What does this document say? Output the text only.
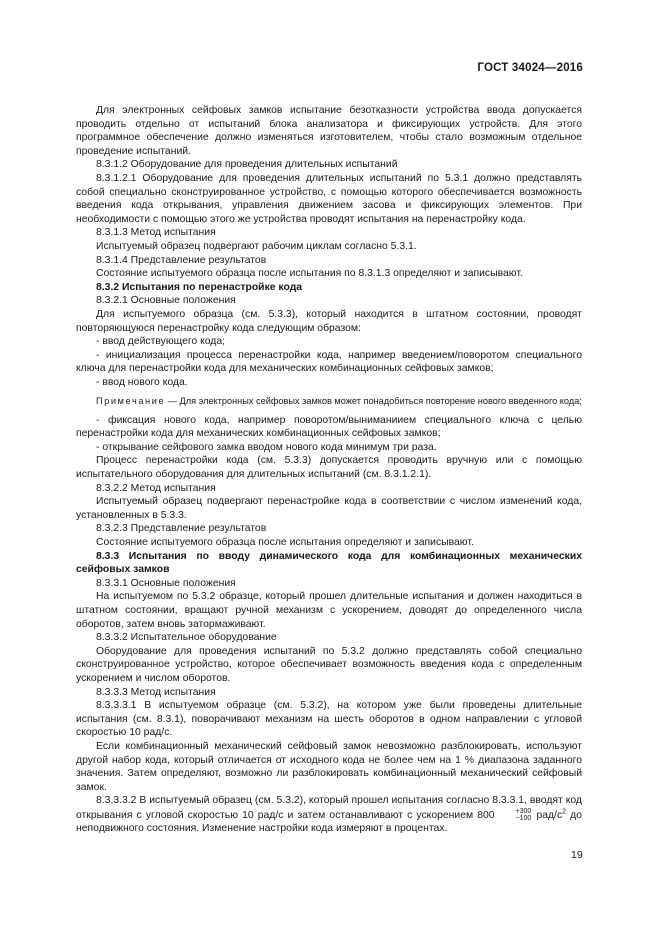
ГОСТ 34024—2016

Для электронных сейфовых замков испытание безотказности устройства ввода допускается проводить отдельно от испытаний блока анализатора и фиксирующих устройств. Для этого программное обеспечение должно изменяться изготовителем, чтобы стало возможным отдельное проведение испытаний.

8.3.1.2 Оборудование для проведения длительных испытаний

8.3.1.2.1 Оборудование для проведения длительных испытаний по 5.3.1 должно представлять собой специально сконструированное устройство, с помощью которого обеспечивается возможность введения кода открывания, управления движением засова и фиксирующих элементов. При необходимости с помощью этого же устройства проводят испытания на перенастройку кода.

8.3.1.3 Метод испытания

Испытуемый образец подвергают рабочим циклам согласно 5.3.1.

8.3.1.4 Представление результатов

Состояние испытуемого образца после испытания по 8.3.1.3 определяют и записывают.

8.3.2 Испытания по перенастройке кода

8.3.2.1 Основные положения

Для испытуемого образца (см. 5.3.3), который находится в штатном состоянии, проводят повторяющуюся перенастройку кода следующим образом:

- ввод действующего кода;

- инициализация процесса перенастройки кода, например введением/поворотом специального ключа для перенастройки кода для механических комбинационных сейфовых замков;

- ввод нового кода.

Примечание — Для электронных сейфовых замков может понадобиться повторение нового введенного кода;

- фиксация нового кода, например поворотом/выниманиием специального ключа с целью перенастройки кода для механических комбинационных сейфовых замков;

- открывание сейфового замка вводом нового кода минимум три раза.

Процесс перенастройки кода (см. 5.3.3) допускается проводить вручную или с помощью испытательного оборудования для длительных испытаний (см. 8.3.1.2.1).

8.3.2.2 Метод испытания

Испытуемый образец подвергают перенастройке кода в соответствии с числом изменений кода, установленных в 5.3.3.

8.3.2.3 Представление результатов

Состояние испытуемого образца после испытания определяют и записывают.

8.3.3 Испытания по вводу динамического кода для комбинационных механических сейфовых замков

8.3.3.1 Основные положения

На испытуемом по 5.3.2 образце, который прошел длительные испытания и должен находиться в штатном состоянии, вращают ручной механизм с ускорением, доводят до определенного числа оборотов, затем вновь затормаживают.

8.3.3.2 Испытательное оборудование

Оборудование для проведения испытаний по 5.3.2 должно представлять собой специально сконструированное устройство, которое обеспечивает возможность введения кода с определенным ускорением и числом оборотов.

8.3.3.3 Метод испытания

8.3.3.3.1 В испытуемом образце (см. 5.3.2), на котором уже были проведены длительные испытания (см. 8.3.1), поворачивают механизм на шесть оборотов в одном направлении с угловой скоростью 10 рад/с.

Если комбинационный механический сейфовый замок невозможно разблокировать, используют другой набор кода, который отличается от исходного кода не более чем на 1 % диапазона заданного значения. Затем определяют, возможно ли разблокировать комбинационный механический сейфовый замок.

8.3.3.3.2 В испытуемый образец (см. 5.3.2), который прошел испытания согласно 8.3.3.1, вводят код открывания с угловой скоростью 10 рад/с и затем останавливают с ускорением 800	+300
−100 рад/$с^2$ до неподвижного состояния. Изменение настройки кода измеряют в процентах.

19
